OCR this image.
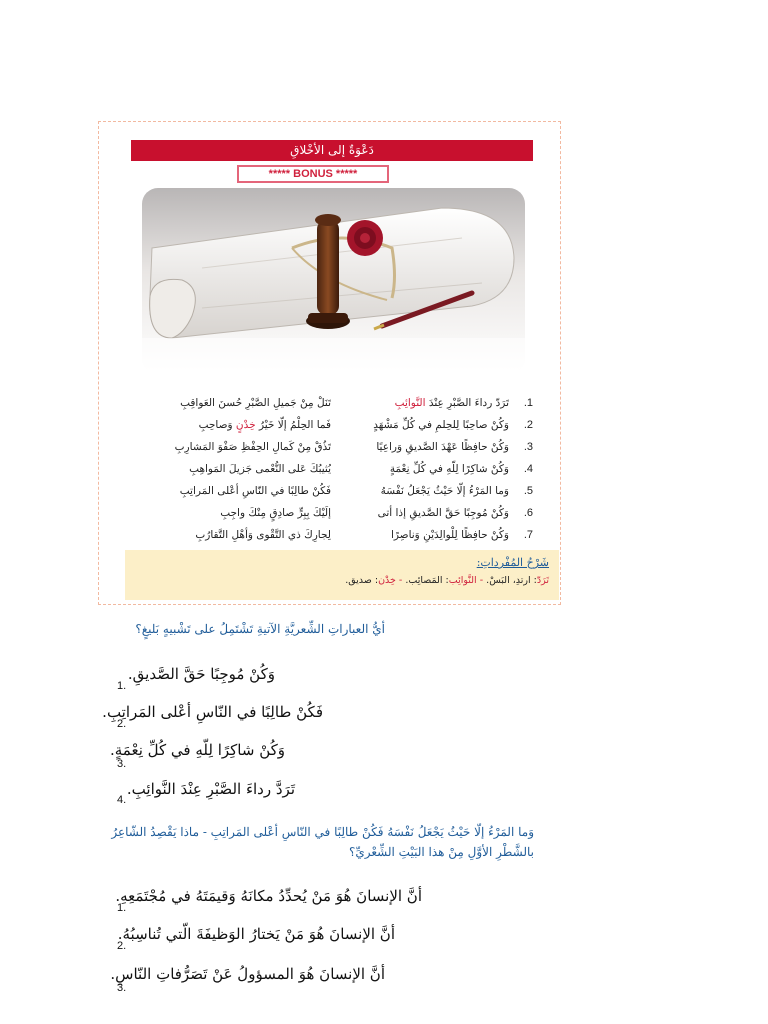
دَعْوَةٌ إلى الأخْلاقِ
***** BONUS *****
1.
تَرَدّ رداءَ الصَّبْرِ عِنْدَ النَّوائِبِ
تَنَلْ مِنْ جَميلِ الصَّبْرِ حُسنَ العَواقِبِ
2.
وَكُنْ صاحِبًا لِلحِلمِ في كُلِّ مَشْهَدٍ
فَما الحِلْمُ إلّا خَيْرُ خِدْنٍ وَصاحِبِ
3.
وَكُنْ حافِظًا عَهْدَ الصَّديقِ وَراعِيًا
تَذُقْ مِنْ كَمالِ الحِفْظِ صَفْوَ المَشارِبِ
4.
وَكُنْ شاكِرًا لِلّهِ في كُلِّ نِعْمَةٍ
يُثيبُكَ عَلى النُّعْمى جَزيلَ المَواهِبِ
5.
وَما المَرْءُ إلّا حَيْثُ يَجْعَلُ نَفْسَهُ
فَكُنْ طالِبًا في النّاسِ أعْلى المَراتِبِ
6.
وَكُنْ مُوجِبًا حَقَّ الصَّديقِ إذا أتى
إلَيْكَ بِبِرٍّ صادِقٍ مِنْكَ واجِبِ
7.
وَكُنْ حافِظًا لِلْوالِدَيْنِ وَناصِرًا
لِجارِكَ ذي التَّقْوى وَأهْلِ التَّقارُبِ
شَرْحُ المُفْرداتِ:
تَرَدّ: ارتدِ، البَسْ. - النَّوائِب: المَصائِب. - خِدْن: صديق.
أيُّ العباراتِ الشِّعريَّةِ الآتيةِ تَشْتَمِلُ على تَشْبيهٍ بَليغٍ؟
وَكُنْ مُوجِبًا حَقَّ الصَّديقِ.
1.
فَكُنْ طالِبًا في النّاسِ أعْلى المَراتِبِ.
2.
وَكُنْ شاكِرًا لِلّهِ في كُلِّ نِعْمَةٍ.
3.
تَرَدَّ رداءَ الصَّبْرِ عِنْدَ النَّوائِبِ.
4.
وَما المَرْءُ إلّا حَيْثُ يَجْعَلُ نَفْسَهُ فَكُنْ طالِبًا في النّاسِ أعْلى المَراتِبِ - ماذا يَقْصِدُ الشّاعِرُ بالشَّطْرِ الأوَّلِ مِنْ هذا البَيْتِ الشِّعْريِّ؟
أنَّ الإنسانَ هُوَ مَنْ يُحدِّدُ مكانَهُ وَقيمَتَهُ في مُجْتَمَعِهِ.
1.
أنَّ الإنسانَ هُوَ مَنْ يَختارُ الوَظيفَةَ الّتي تُناسِبُهُ.
2.
أنَّ الإنسانَ هُوَ المسؤولُ عَنْ تَصَرُّفاتِ النّاسِ.
3.
